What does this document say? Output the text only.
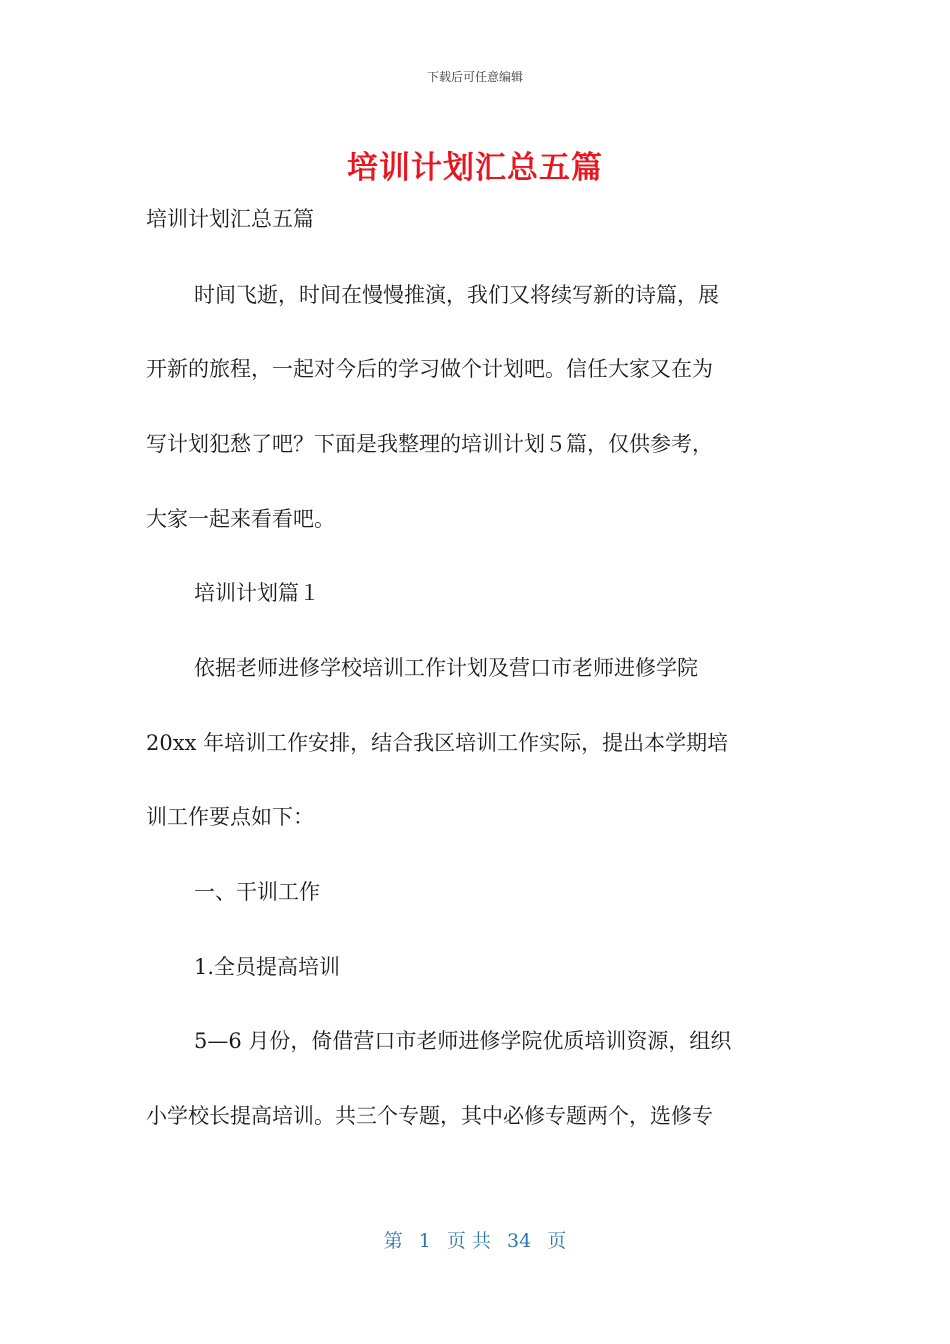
下载后可任意编辑
培训计划汇总五篇
培训计划汇总五篇
时间飞逝，时间在慢慢推演，我们又将续写新的诗篇，展
开新的旅程，一起对今后的学习做个计划吧。信任大家又在为
写计划犯愁了吧？下面是我整理的培训计划５篇，仅供参考，
大家一起来看看吧。
培训计划篇１
依据老师进修学校培训工作计划及营口市老师进修学院
20xx 年培训工作安排，结合我区培训工作实际，提出本学期培
训工作要点如下：
一、干训工作
1.全员提高培训
5—6 月份，倚借营口市老师进修学院优质培训资源，组织
小学校长提高培训。共三个专题，其中必修专题两个，选修专
第 1 页 共 34 页
